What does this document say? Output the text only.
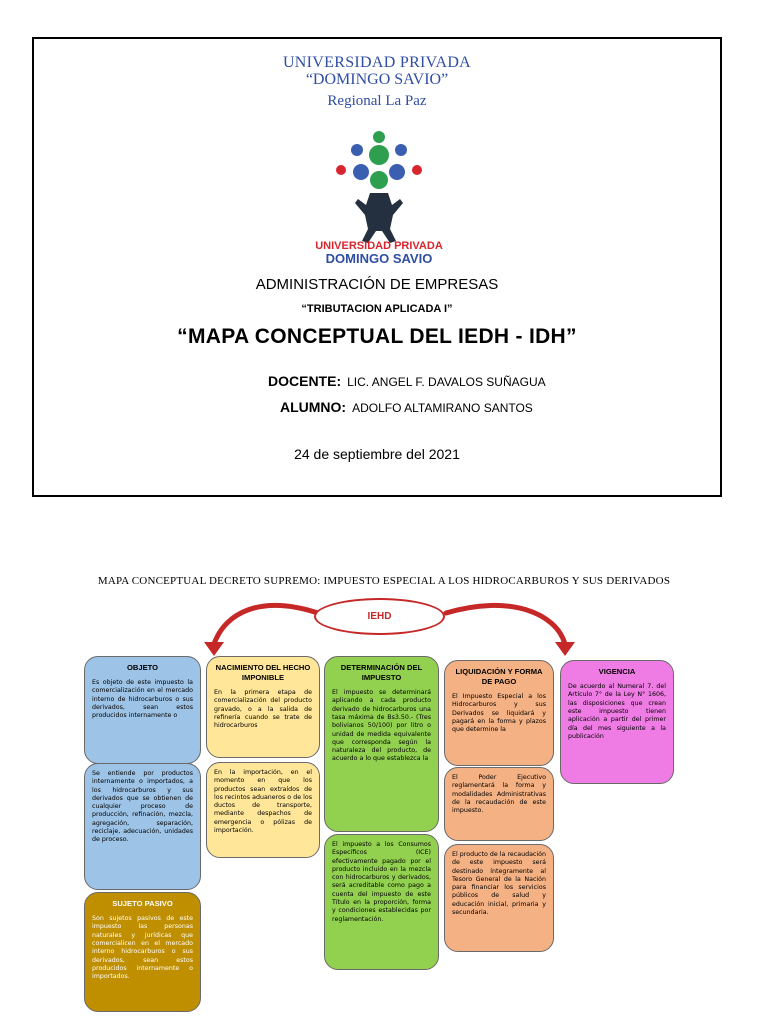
UNIVERSIDAD PRIVADA
“DOMINGO SAVIO”
Regional La Paz
UNIVERSIDAD PRIVADA
DOMINGO SAVIO
ADMINISTRACIÓN DE EMPRESAS
“TRIBUTACION APLICADA I”
“MAPA CONCEPTUAL DEL IEDH - IDH”
DOCENTE: LIC. ANGEL F. DAVALOS SUÑAGUA
ALUMNO: ADOLFO ALTAMIRANO SANTOS
24 de septiembre del 2021
MAPA CONCEPTUAL DECRETO SUPREMO: IMPUESTO ESPECIAL A LOS HIDROCARBUROS Y SUS DERIVADOS
IEHD
OBJETO
Es objeto de este impuesto la comercialización en el mercado interno de hidrocarburos o sus derivados, sean estos producidos internamente o
Se entiende por productos internamente o importados, a los hidrocarburos y sus derivados que se obtienen de cualquier proceso de producción, refinación, mezcla, agregación, separación, reciclaje, adecuación, unidades de proceso.
SUJETO PASIVO
Son sujetos pasivos de este impuesto las personas naturales y jurídicas que comercialicen en el mercado interno hidrocarburos o sus derivados, sean estos producidos internamente o importados.
NACIMIENTO DEL HECHO IMPONIBLE
En la primera etapa de comercialización del producto gravado, o a la salida de refinería cuando se trate de hidrocarburos
En la importación, en el momento en que los productos sean extraídos de los recintos aduaneros o de los ductos de transporte, mediante despachos de emergencia o pólizas de importación.
DETERMINACIÓN DEL IMPUESTO
El impuesto se determinará aplicando a cada producto derivado de hidrocarburos una tasa máxima de Bs3.50.- (Tres bolivianos 50/100) por litro o unidad de medida equivalente que corresponda según la naturaleza del producto, de acuerdo a lo que establezca la
El impuesto a los Consumos Específicos (ICE) efectivamente pagado por el producto incluido en la mezcla con hidrocarburos y derivados, será acreditable como pago a cuenta del impuesto de este Título en la proporción, forma y condiciones establecidas por reglamentación.
LIQUIDACIÓN Y FORMA DE PAGO
El Impuesto Especial a los Hidrocarburos y sus Derivados se liquidará y pagará en la forma y plazos que determine la
El Poder Ejecutivo reglamentará la forma y modalidades Administrativas de la recaudación de este impuesto.
El producto de la recaudación de este impuesto será destinado íntegramente al Tesoro General de la Nación para financiar los servicios públicos de salud y educación inicial, primaria y secundaria.
VIGENCIA
De acuerdo al Numeral 7. del Artículo 7° de la Ley N° 1606, las disposiciones que crean este impuesto tienen aplicación a partir del primer día del mes siguiente a la publicación
